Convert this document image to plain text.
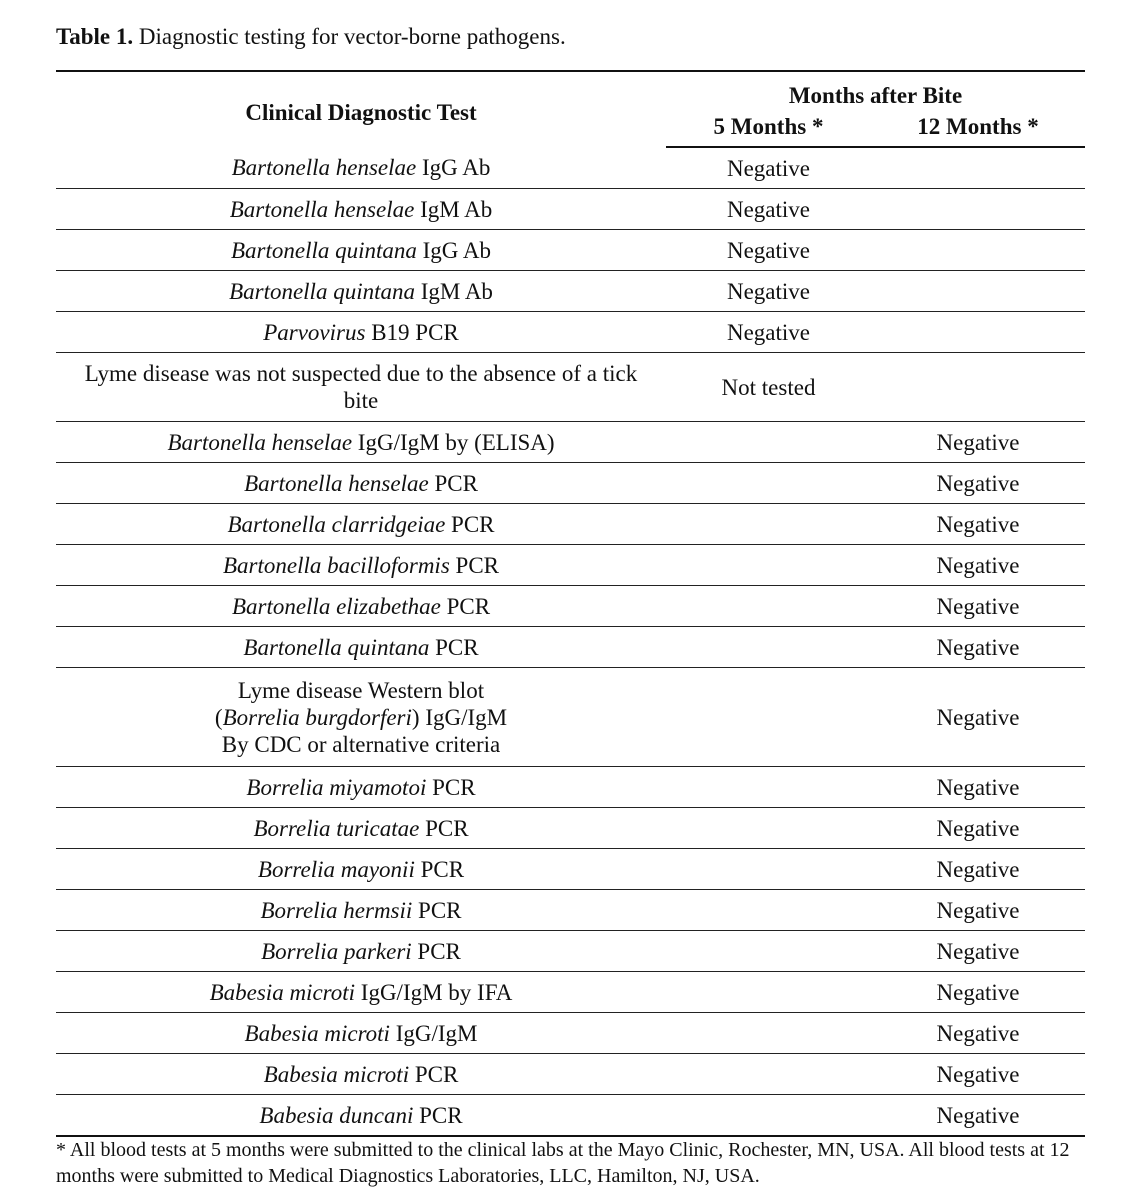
Table 1. Diagnostic testing for vector-borne pathogens.
Clinical Diagnostic Test	Months after Bite	
	5 Months *	12 Months *
Bartonella henselae IgG Ab	Negative	
Bartonella henselae IgM Ab	Negative	
Bartonella quintana IgG Ab	Negative	
Bartonella quintana IgM Ab	Negative	
Parvovirus B19 PCR	Negative	
Lyme disease was not suspected due to the absence of a tick bite	Not tested	
Bartonella henselae IgG/IgM by (ELISA)		Negative
Bartonella henselae PCR		Negative
Bartonella clarridgeiae PCR		Negative
Bartonella bacilloformis PCR		Negative
Bartonella elizabethae PCR		Negative
Bartonella quintana PCR		Negative
Lyme disease Western blot
(Borrelia burgdorferi) IgG/IgM
By CDC or alternative criteria		Negative
Borrelia miyamotoi PCR		Negative
Borrelia turicatae PCR		Negative
Borrelia mayonii PCR		Negative
Borrelia hermsii PCR		Negative
Borrelia parkeri PCR		Negative
Babesia microti IgG/IgM by IFA		Negative
Babesia microti IgG/IgM		Negative
Babesia microti PCR		Negative
Babesia duncani PCR		Negative
* All blood tests at 5 months were submitted to the clinical labs at the Mayo Clinic, Rochester, MN, USA. All blood tests at 12 months were submitted to Medical Diagnostics Laboratories, LLC, Hamilton, NJ, USA.
